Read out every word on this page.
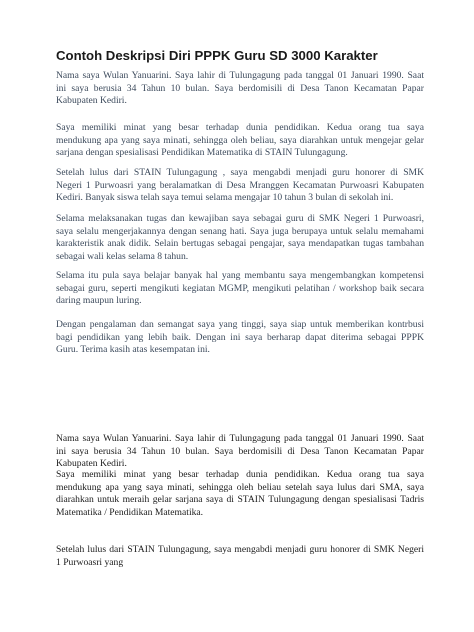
Contoh Deskripsi Diri PPPK Guru SD 3000 Karakter
Nama saya Wulan Yanuarini. Saya lahir di Tulungagung pada tanggal 01 Januari 1990. Saat
ini saya berusia 34 Tahun 10 bulan. Saya berdomisili di Desa Tanon Kecamatan Papar
Kabupaten Kediri.
Saya memiliki minat yang besar terhadap dunia pendidikan. Kedua orang tua saya
mendukung apa yang saya minati, sehingga oleh beliau, saya diarahkan untuk mengejar gelar
sarjana dengan spesialisasi Pendidikan Matematika di STAIN Tulungagung.
Setelah lulus dari STAIN Tulungagung , saya mengabdi menjadi guru honorer di SMK
Negeri 1 Purwoasri yang beralamatkan di Desa Mranggen Kecamatan Purwoasri Kabupaten
Kediri. Banyak siswa telah saya temui selama mengajar 10 tahun 3 bulan di sekolah ini.
Selama melaksanakan tugas dan kewajiban saya sebagai guru di SMK Negeri 1 Purwoasri,
saya selalu mengerjakannya dengan senang hati. Saya juga berupaya untuk selalu memahami
karakteristik anak didik. Selain bertugas sebagai pengajar, saya mendapatkan tugas tambahan
sebagai wali kelas selama 8 tahun.
Selama itu pula saya belajar banyak hal yang membantu saya mengembangkan kompetensi
sebagai guru, seperti mengikuti kegiatan MGMP, mengikuti pelatihan / workshop baik secara
daring maupun luring.
Dengan pengalaman dan semangat saya yang tinggi, saya siap untuk memberikan kontrbusi
bagi pendidikan yang lebih baik. Dengan ini saya berharap dapat diterima sebagai PPPK
Guru. Terima kasih atas kesempatan ini.
Nama saya Wulan Yanuarini. Saya lahir di Tulungagung pada tanggal 01 Januari 1990. Saat
ini saya berusia 34 Tahun 10 bulan. Saya berdomisili di Desa Tanon Kecamatan Papar
Kabupaten Kediri.
Saya memiliki minat yang besar terhadap dunia pendidikan. Kedua orang tua saya
mendukung apa yang saya minati, sehingga oleh beliau setelah saya lulus dari SMA, saya
diarahkan untuk meraih gelar sarjana saya di STAIN Tulungagung dengan spesialisasi Tadris
Matematika / Pendidikan Matematika.
Setelah lulus dari STAIN Tulungagung, saya mengabdi menjadi guru honorer di SMK Negeri
1 Purwoasri yang
